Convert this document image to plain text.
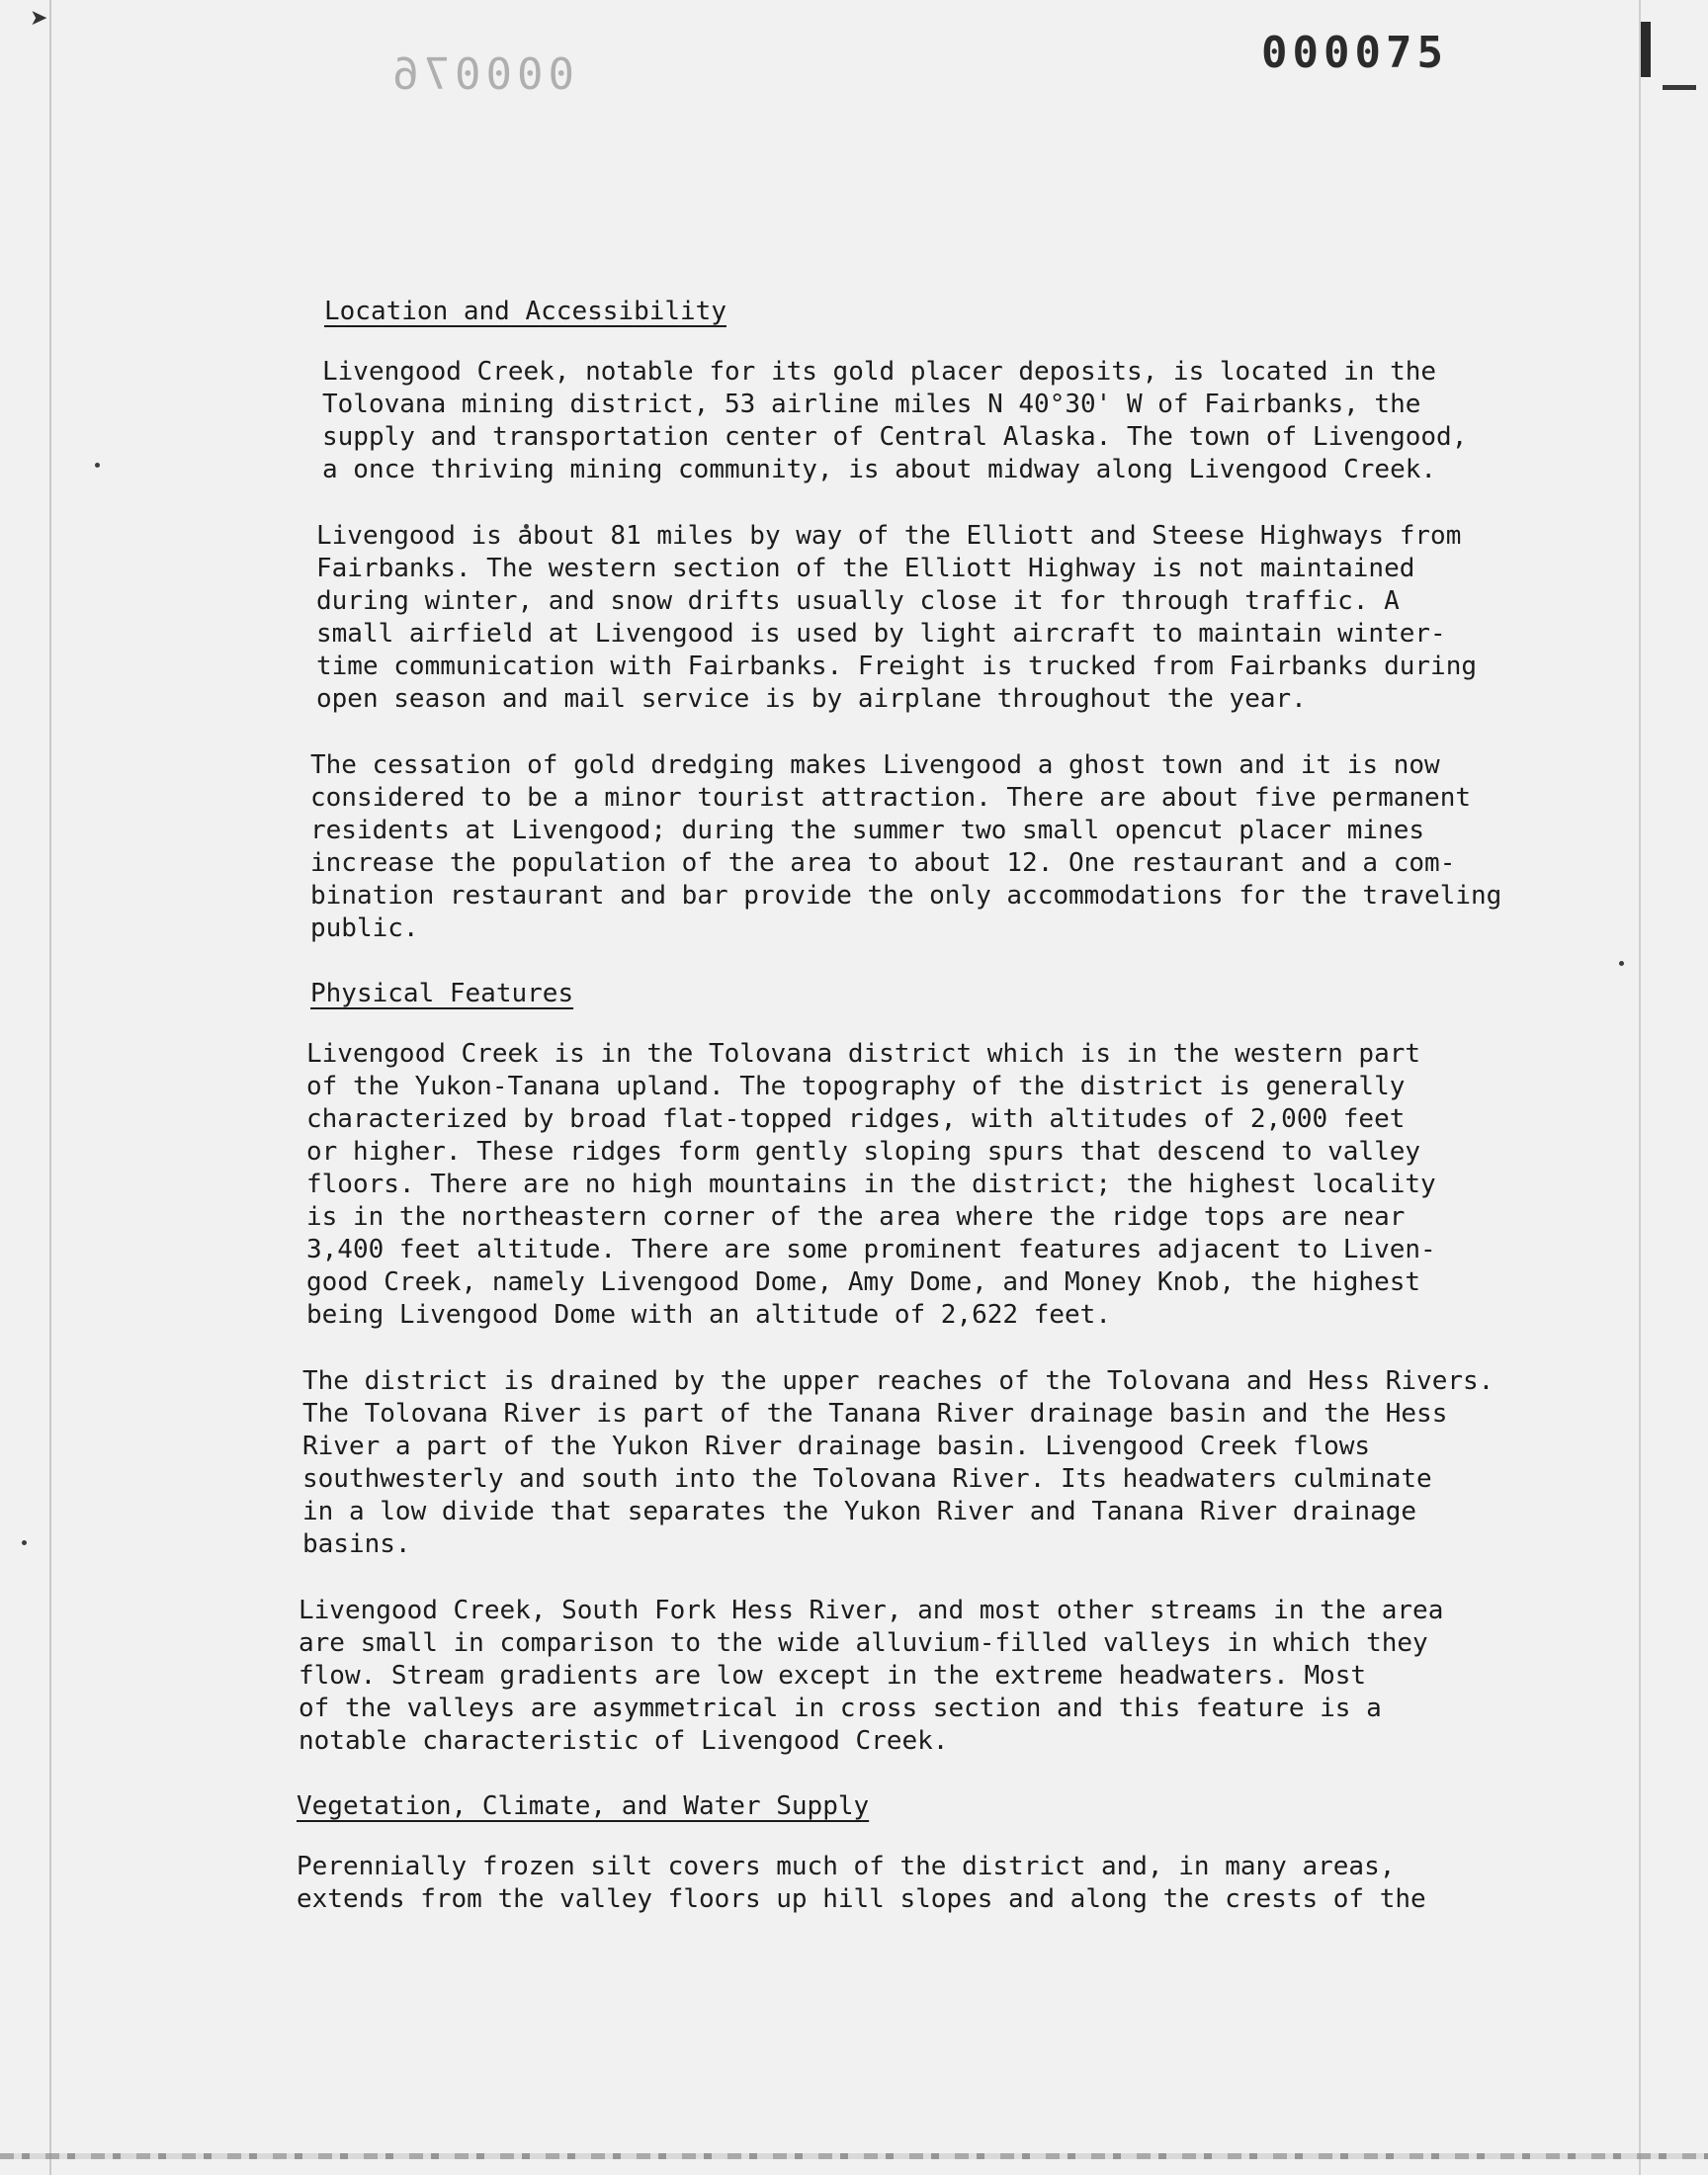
➤
000075
000076
Location and Accessibility
Livengood Creek, notable for its gold placer deposits, is located in the
Tolovana mining district, 53 airline miles N 40°30' W of Fairbanks, the
supply and transportation center of Central Alaska. The town of Livengood,
a once thriving mining community, is about midway along Livengood Creek.
Livengood is about 81 miles by way of the Elliott and Steese Highways from
Fairbanks. The western section of the Elliott Highway is not maintained
during winter, and snow drifts usually close it for through traffic. A
small airfield at Livengood is used by light aircraft to maintain winter-
time communication with Fairbanks. Freight is trucked from Fairbanks during
open season and mail service is by airplane throughout the year.
The cessation of gold dredging makes Livengood a ghost town and it is now
considered to be a minor tourist attraction. There are about five permanent
residents at Livengood; during the summer two small opencut placer mines
increase the population of the area to about 12. One restaurant and a com-
bination restaurant and bar provide the only accommodations for the traveling
public.
Physical Features
Livengood Creek is in the Tolovana district which is in the western part
of the Yukon-Tanana upland. The topography of the district is generally
characterized by broad flat-topped ridges, with altitudes of 2,000 feet
or higher. These ridges form gently sloping spurs that descend to valley
floors. There are no high mountains in the district; the highest locality
is in the northeastern corner of the area where the ridge tops are near
3,400 feet altitude. There are some prominent features adjacent to Liven-
good Creek, namely Livengood Dome, Amy Dome, and Money Knob, the highest
being Livengood Dome with an altitude of 2,622 feet.
The district is drained by the upper reaches of the Tolovana and Hess Rivers.
The Tolovana River is part of the Tanana River drainage basin and the Hess
River a part of the Yukon River drainage basin. Livengood Creek flows
southwesterly and south into the Tolovana River. Its headwaters culminate
in a low divide that separates the Yukon River and Tanana River drainage
basins.
Livengood Creek, South Fork Hess River, and most other streams in the area
are small in comparison to the wide alluvium-filled valleys in which they
flow. Stream gradients are low except in the extreme headwaters. Most
of the valleys are asymmetrical in cross section and this feature is a
notable characteristic of Livengood Creek.
Vegetation, Climate, and Water Supply
Perennially frozen silt covers much of the district and, in many areas,
extends from the valley floors up hill slopes and along the crests of the
